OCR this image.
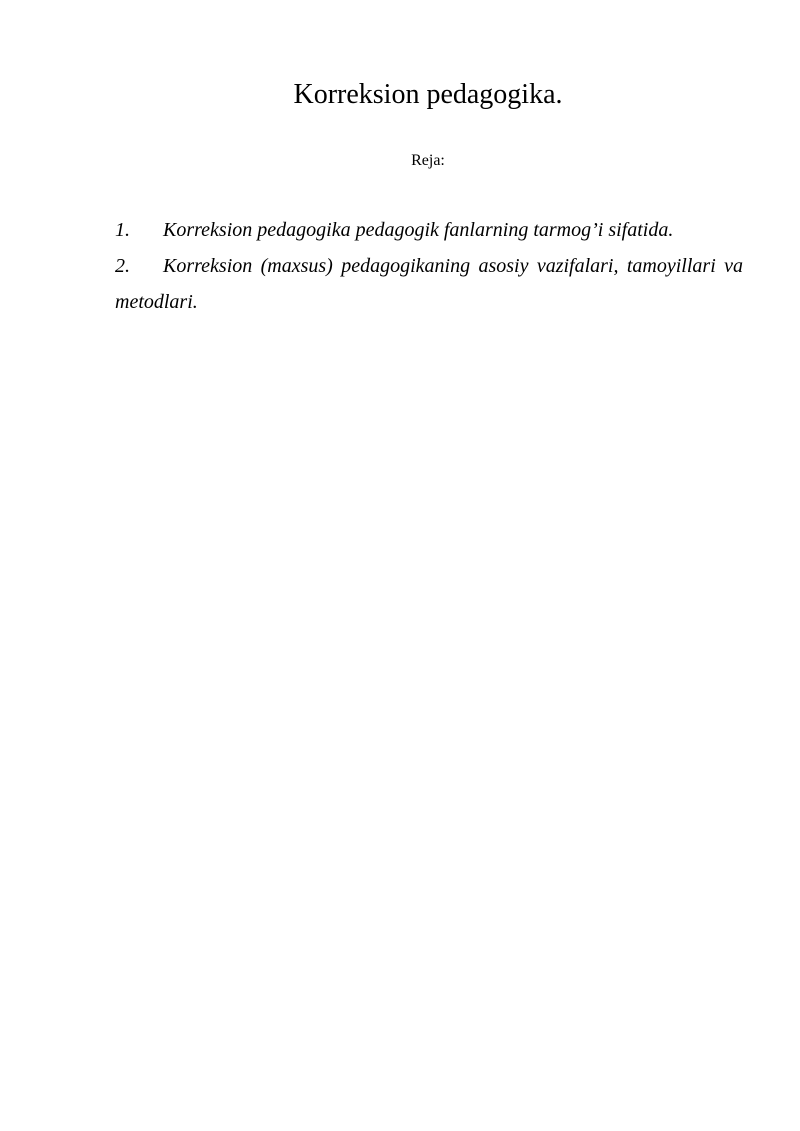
Korreksion pedagogika.
Reja:
1. Korreksion pedagogika pedagogik fanlarning tarmog’i sifatida.
2. Korreksion (maxsus) pedagogikaning asosiy vazifalari, tamoyillari va metodlari.
